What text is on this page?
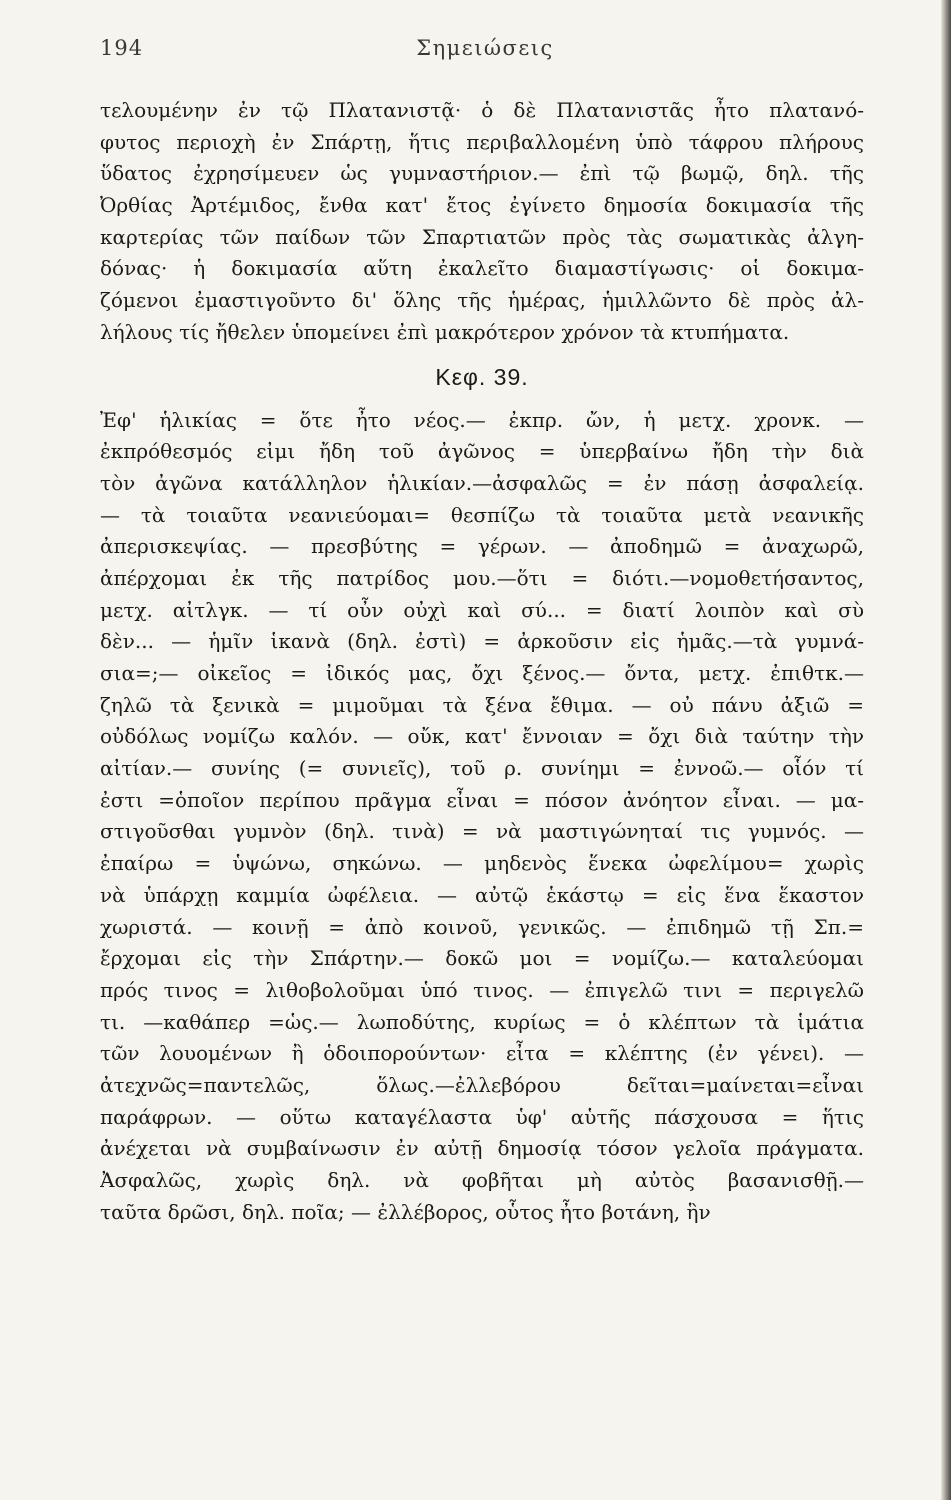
194	Σημειώσεις
τελουμένην ἐν τῷ Πλατανιστᾷ· ὁ δὲ Πλατανιστᾶς ἦτο πλατανό-
φυτος περιοχὴ ἐν Σπάρτῃ, ἥτις περιβαλλομένη ὑπὸ τάφρου πλήρους
ὕδατος ἐχρησίμευεν ὡς γυμναστήριον.— ἐπὶ τῷ βωμῷ, δηλ. τῆς
Ὀρθίας Ἀρτέμιδος, ἔνθα κατ' ἔτος ἐγίνετο δημοσία δοκιμασία τῆς
καρτερίας τῶν παίδων τῶν Σπαρτιατῶν πρὸς τὰς σωματικὰς ἀλγη-
δόνας· ἡ δοκιμασία αὕτη ἐκαλεῖτο διαμαστίγωσις· οἱ δοκιμα-
ζόμενοι ἐμαστιγοῦντο δι' ὅλης τῆς ἡμέρας, ἡμιλλῶντο δὲ πρὸς ἀλ-
λήλους τίς ἤθελεν ὑπομείνει ἐπὶ μακρότερον χρόνον τὰ κτυπήματα.
Κεφ. 39.
Ἐφ' ἡλικίας = ὅτε ἦτο νέος.— ἐκπρ. ὤν, ἡ μετχ. χρονκ. —
ἐκπρόθεσμός εἰμι ἤδη τοῦ ἀγῶνος = ὑπερβαίνω ἤδη τὴν διὰ
τὸν ἀγῶνα κατάλληλον ἡλικίαν.—ἀσφαλῶς = ἐν πάσῃ ἀσφαλείᾳ.
— τὰ τοιαῦτα νεανιεύομαι= θεσπίζω τὰ τοιαῦτα μετὰ νεανικῆς
ἀπερισκεψίας. — πρεσβύτης = γέρων. — ἀποδημῶ = ἀναχωρῶ,
ἀπέρχομαι ἐκ τῆς πατρίδος μου.—ὅτι = διότι.—νομοθετήσαντος,
μετχ. αἰτλγκ. — τί οὖν οὐχὶ καὶ σύ... = διατί λοιπὸν καὶ σὺ
δὲν... — ἡμῖν ἱκανὰ (δηλ. ἐστὶ) = ἀρκοῦσιν εἰς ἡμᾶς.—τὰ γυμνά-
σια=;— οἰκεῖος = ἰδικός μας, ὄχι ξένος.— ὄντα, μετχ. ἐπιθτκ.—
ζηλῶ τὰ ξενικὰ = μιμοῦμαι τὰ ξένα ἔθιμα. — οὐ πάνυ ἀξιῶ =
οὐδόλως νομίζω καλόν. — οὔκ, κατ' ἔννοιαν = ὄχι διὰ ταύτην τὴν
αἰτίαν.— συνίης (= συνιεῖς), τοῦ ρ. συνίημι = ἐννοῶ.— οἷόν τί
ἐστι =ὁποῖον περίπου πρᾶγμα εἶναι = πόσον ἀνόητον εἶναι. — μα-
στιγοῦσθαι γυμνὸν (δηλ. τινὰ) = νὰ μαστιγώνηταί τις γυμνός. —
ἐπαίρω = ὑψώνω, σηκώνω. — μηδενὸς ἕνεκα ὠφελίμου= χωρὶς
νὰ ὑπάρχῃ καμμία ὠφέλεια. — αὐτῷ ἑκάστῳ = εἰς ἕνα ἕκαστον
χωριστά. — κοινῇ = ἀπὸ κοινοῦ, γενικῶς. — ἐπιδημῶ τῇ Σπ.=
ἔρχομαι εἰς τὴν Σπάρτην.— δοκῶ μοι = νομίζω.— καταλεύομαι
πρός τινος = λιθοβολοῦμαι ὑπό τινος. — ἐπιγελῶ τινι = περιγελῶ
τι. —καθάπερ =ὡς.— λωποδύτης, κυρίως = ὁ κλέπτων τὰ ἱμάτια
τῶν λουομένων ἢ ὁδοιπορούντων· εἶτα = κλέπτης (ἐν γένει). —
ἀτεχνῶς=παντελῶς, ὅλως.—ἐλλεβόρου δεῖται=μαίνεται=εἶναι
παράφρων. — οὕτω καταγέλαστα ὑφ' αὑτῆς πάσχουσα = ἥτις
ἀνέχεται νὰ συμβαίνωσιν ἐν αὐτῇ δημοσίᾳ τόσον γελοῖα πράγματα.
Ἀσφαλῶς, χωρὶς δηλ. νὰ φοβῆται μὴ αὐτὸς βασανισθῇ.—
ταῦτα δρῶσι, δηλ. ποῖα; — ἐλλέβορος, οὗτος ἦτο βοτάνη, ἣν
